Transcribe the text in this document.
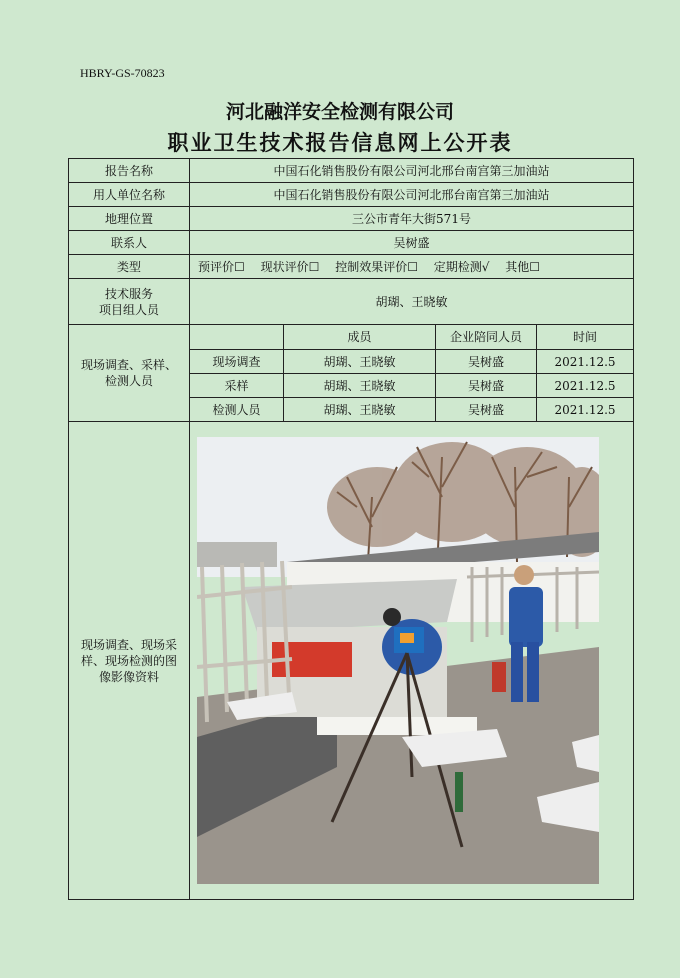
HBRY-GS-70823
河北融洋安全检测有限公司
职业卫生技术报告信息网上公开表
报告名称	中国石化销售股份有限公司河北邢台南宫第三加油站			
用人单位名称	中国石化销售股份有限公司河北邢台南宫第三加油站			
地理位置	三公市青年大街571号			
联系人	吴树盛			
类型	预评价☐ 现状评价☐ 控制效果评价☐ 定期检测√ 其他☐			
技术服务
项目组人员	胡瑚、王晓敏			
现场调查、采样、
检测人员		成员	企业陪同人员	时间
	现场调查	胡瑚、王晓敏	吴树盛	2021.12.5
	采样	胡瑚、王晓敏	吴树盛	2021.12.5
	检测人员	胡瑚、王晓敏	吴树盛	2021.12.5
现场调查、现场采
样、现场检测的图
像影像资料	
